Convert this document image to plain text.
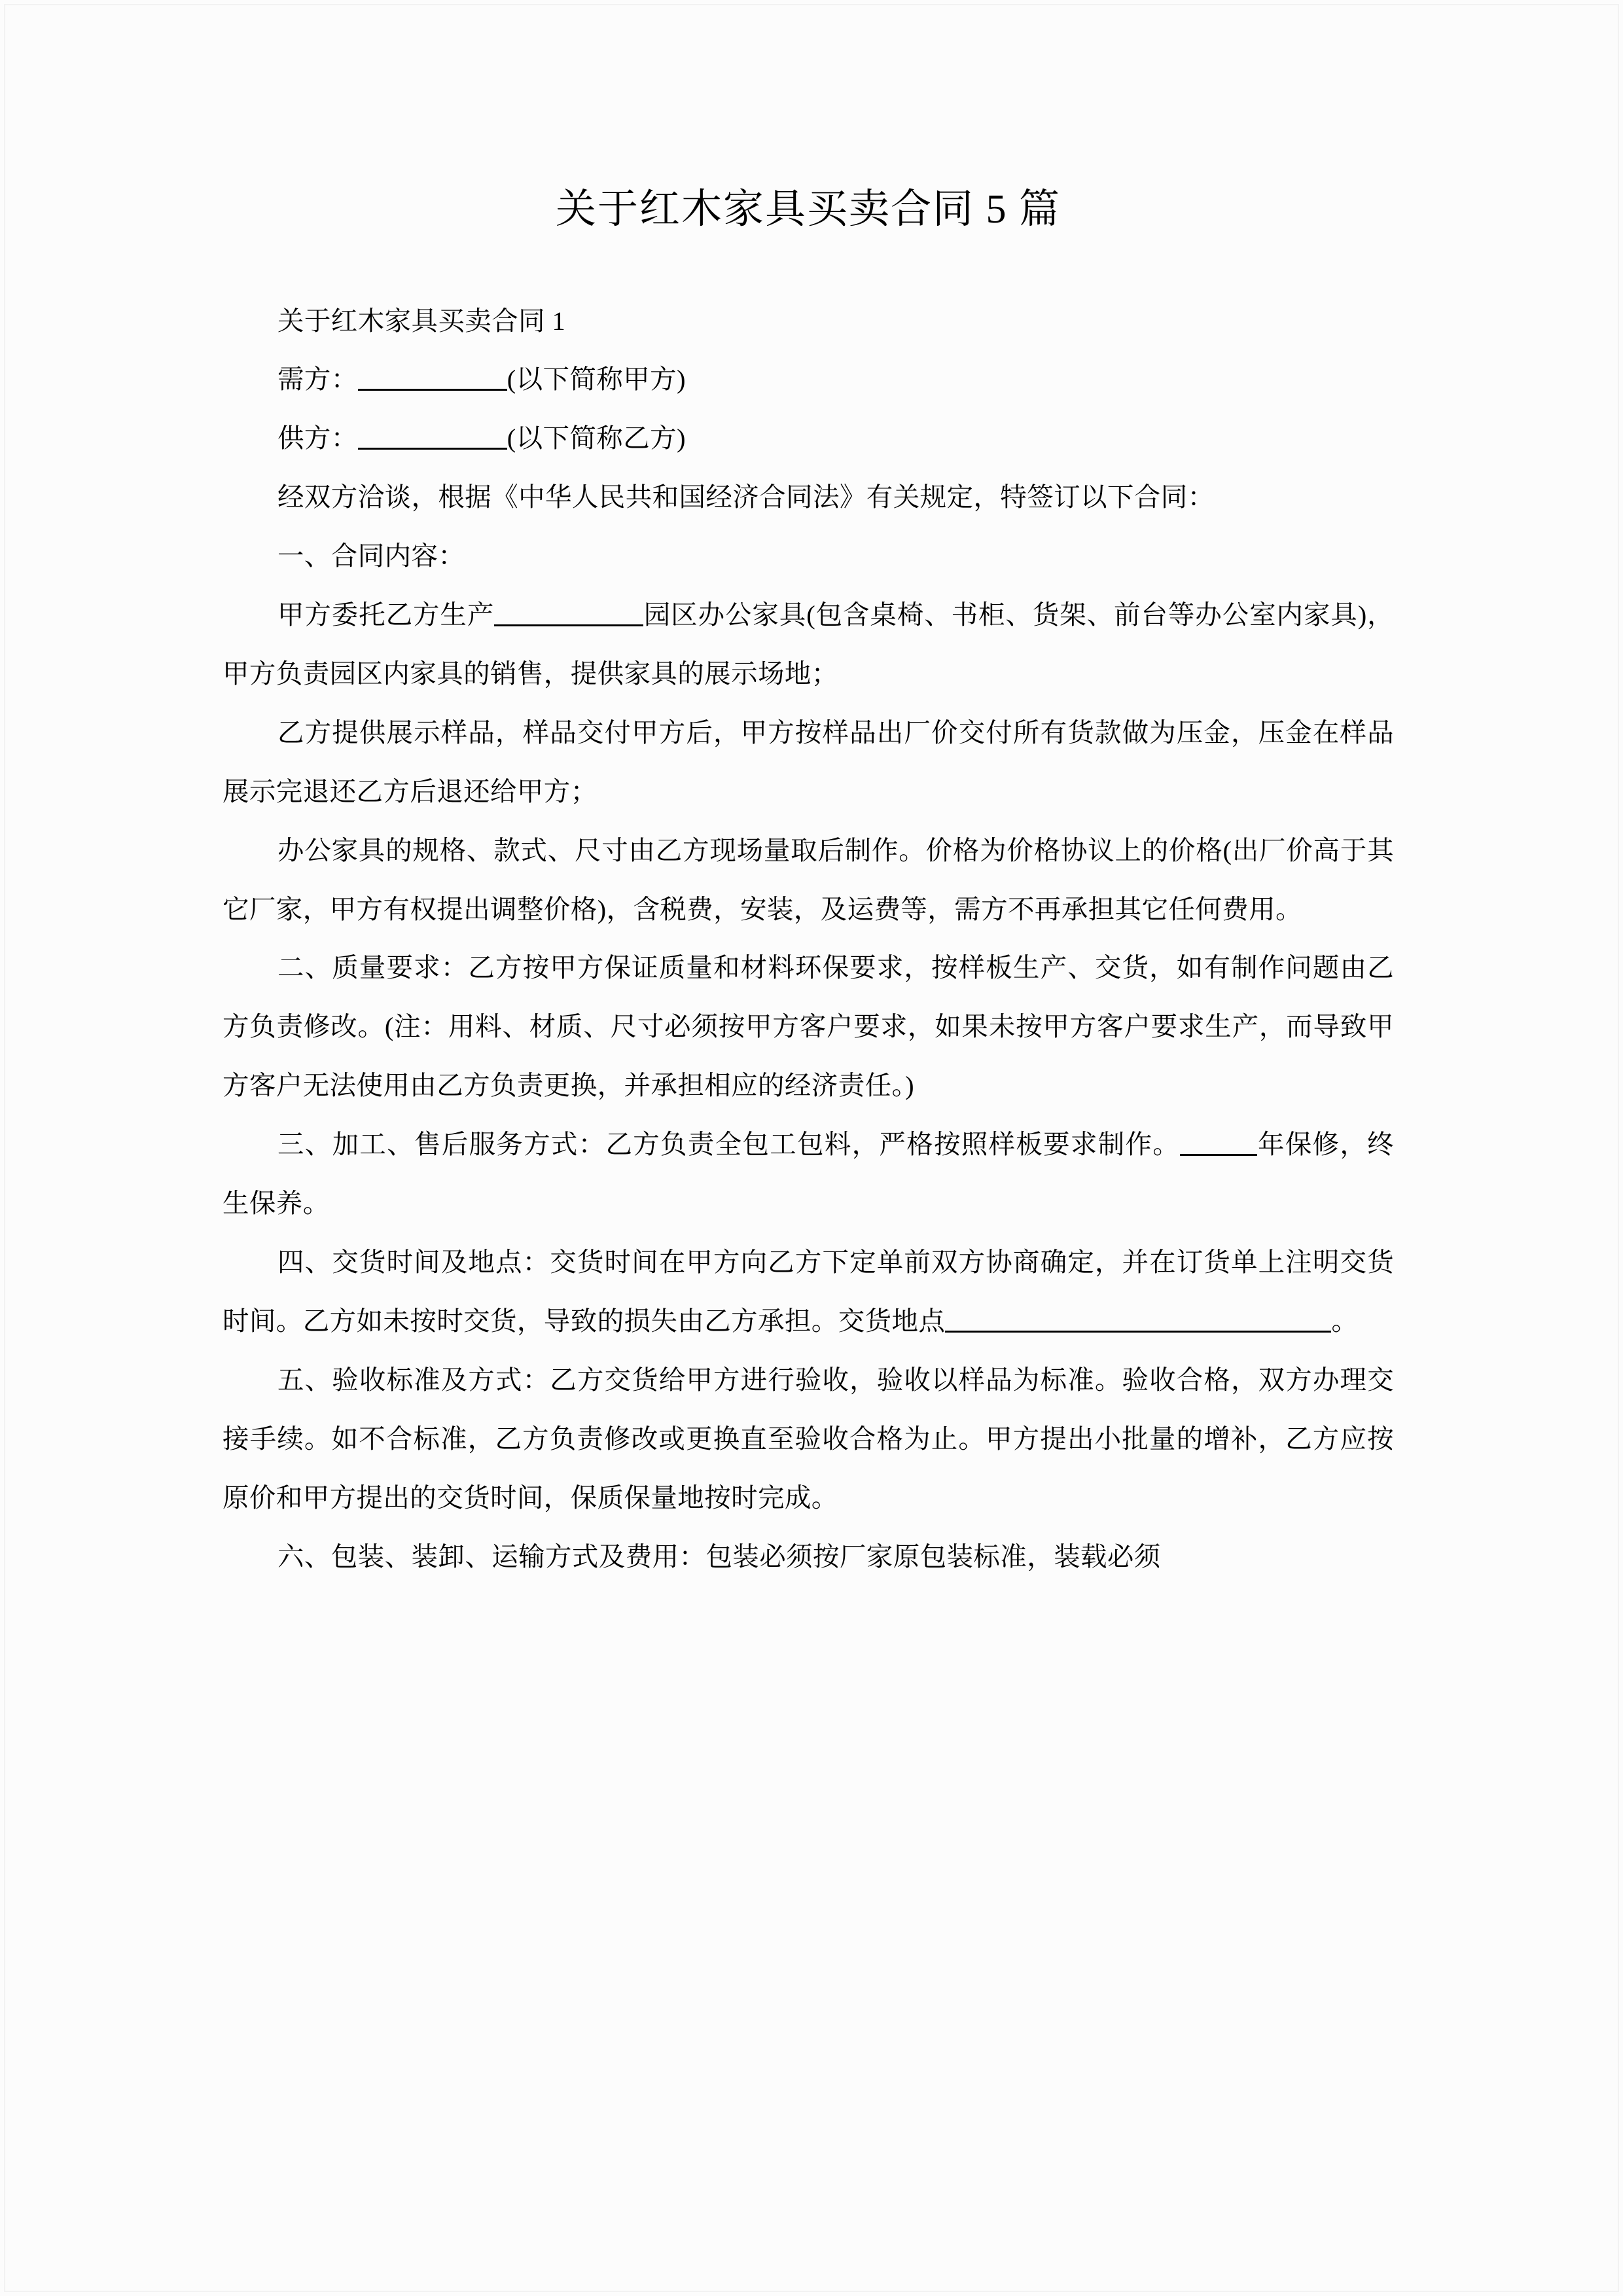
关于红木家具买卖合同 5 篇

关于红木家具买卖合同 1

需方：	(以下简称甲方)

供方：	(以下简称乙方)

经双方洽谈，根据《中华人民共和国经济合同法》有关规定，特签订以下合同：

一、合同内容：

甲方委托乙方生产	园区办公家具(包含桌椅、书柜、货架、前台等办公室内家具)，甲方负责园区内家具的销售，提供家具的展示场地；

乙方提供展示样品，样品交付甲方后，甲方按样品出厂价交付所有货款做为压金，压金在样品展示完退还乙方后退还给甲方；

办公家具的规格、款式、尺寸由乙方现场量取后制作。价格为价格协议上的价格(出厂价高于其它厂家，甲方有权提出调整价格)，含税费，安装，及运费等，需方不再承担其它任何费用。

二、质量要求：乙方按甲方保证质量和材料环保要求，按样板生产、交货，如有制作问题由乙方负责修改。(注：用料、材质、尺寸必须按甲方客户要求，如果未按甲方客户要求生产，而导致甲方客户无法使用由乙方负责更换，并承担相应的经济责任。)

三、加工、售后服务方式：乙方负责全包工包料，严格按照样板要求制作。	年保修，终生保养。

四、交货时间及地点：交货时间在甲方向乙方下定单前双方协商确定，并在订货单上注明交货时间。乙方如未按时交货，导致的损失由乙方承担。交货地点	。

五、验收标准及方式：乙方交货给甲方进行验收，验收以样品为标准。验收合格，双方办理交接手续。如不合标准，乙方负责修改或更换直至验收合格为止。甲方提出小批量的增补，乙方应按原价和甲方提出的交货时间，保质保量地按时完成。

六、包装、装卸、运输方式及费用：包装必须按厂家原包装标准，装载必须
